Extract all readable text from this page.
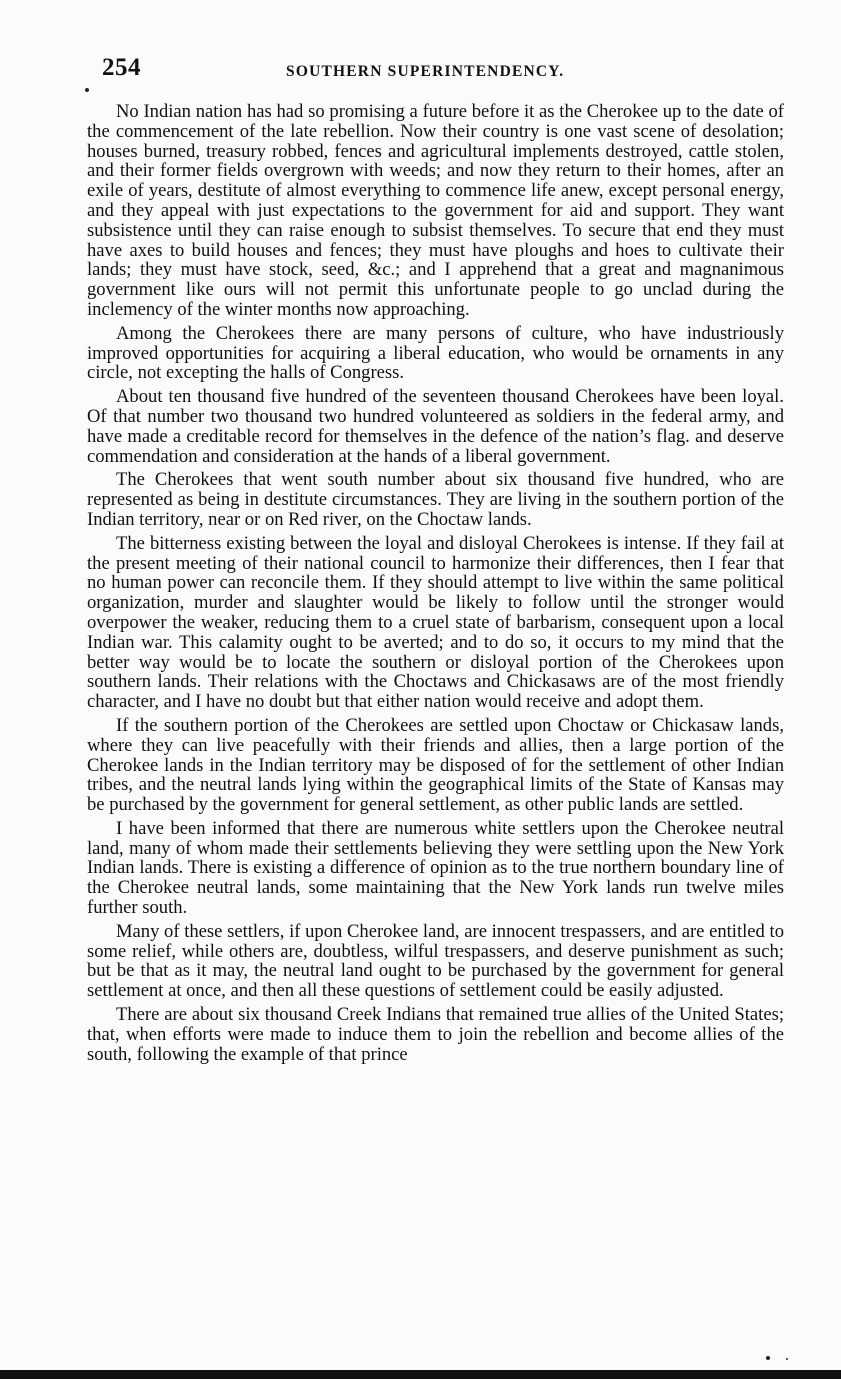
254	SOUTHERN SUPERINTENDENCY.

No Indian nation has had so promising a future before it as the Cherokee up to the date of the commencement of the late rebellion. Now their country is one vast scene of desolation; houses burned, treasury robbed, fences and agricultural implements destroyed, cattle stolen, and their former fields overgrown with weeds; and now they return to their homes, after an exile of years, destitute of almost everything to commence life anew, except personal energy, and they appeal with just expectations to the government for aid and support. They want subsistence until they can raise enough to subsist themselves. To secure that end they must have axes to build houses and fences; they must have ploughs and hoes to cultivate their lands; they must have stock, seed, &c.; and I apprehend that a great and magnanimous government like ours will not permit this unfortunate people to go unclad during the inclemency of the winter months now approaching.

Among the Cherokees there are many persons of culture, who have industriously improved opportunities for acquiring a liberal education, who would be ornaments in any circle, not excepting the halls of Congress.

About ten thousand five hundred of the seventeen thousand Cherokees have been loyal. Of that number two thousand two hundred volunteered as soldiers in the federal army, and have made a creditable record for themselves in the defence of the nation’s flag. and deserve commendation and consideration at the hands of a liberal government.

The Cherokees that went south number about six thousand five hundred, who are represented as being in destitute circumstances. They are living in the southern portion of the Indian territory, near or on Red river, on the Choctaw lands.

The bitterness existing between the loyal and disloyal Cherokees is intense. If they fail at the present meeting of their national council to harmonize their differences, then I fear that no human power can reconcile them. If they should attempt to live within the same political organization, murder and slaughter would be likely to follow until the stronger would overpower the weaker, reducing them to a cruel state of barbarism, consequent upon a local Indian war. This calamity ought to be averted; and to do so, it occurs to my mind that the better way would be to locate the southern or disloyal portion of the Cherokees upon southern lands. Their relations with the Choctaws and Chickasaws are of the most friendly character, and I have no doubt but that either nation would receive and adopt them.

If the southern portion of the Cherokees are settled upon Choctaw or Chickasaw lands, where they can live peacefully with their friends and allies, then a large portion of the Cherokee lands in the Indian territory may be disposed of for the settlement of other Indian tribes, and the neutral lands lying within the geographical limits of the State of Kansas may be purchased by the government for general settlement, as other public lands are settled.

I have been informed that there are numerous white settlers upon the Cherokee neutral land, many of whom made their settlements believing they were settling upon the New York Indian lands. There is existing a difference of opinion as to the true northern boundary line of the Cherokee neutral lands, some maintaining that the New York lands run twelve miles further south.

Many of these settlers, if upon Cherokee land, are innocent trespassers, and are entitled to some relief, while others are, doubtless, wilful trespassers, and deserve punishment as such; but be that as it may, the neutral land ought to be purchased by the government for general settlement at once, and then all these questions of settlement could be easily adjusted.

There are about six thousand Creek Indians that remained true allies of the United States; that, when efforts were made to induce them to join the rebellion and become allies of the south, following the example of that prince
